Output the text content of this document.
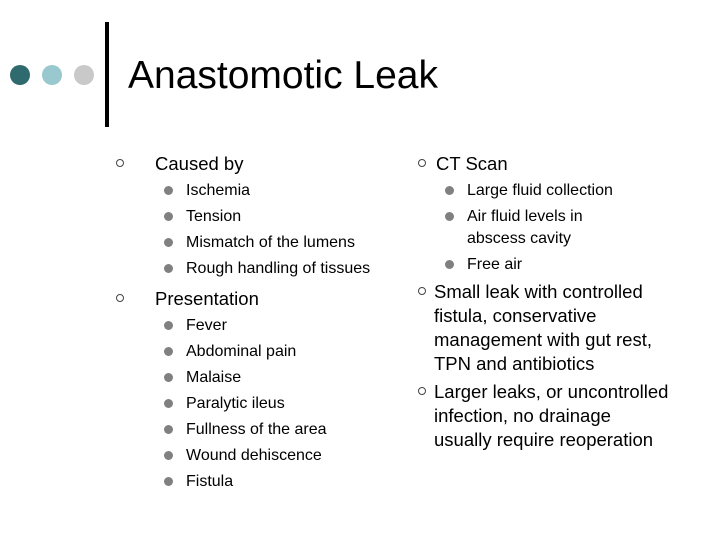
Anastomotic Leak
Caused by
Ischemia
Tension
Mismatch of the lumens
Rough handling of tissues
Presentation
Fever
Abdominal pain
Malaise
Paralytic ileus
Fullness of the area
Wound dehiscence
Fistula
CT Scan
Large fluid collection
Air fluid levels in abscess cavity
Free air
Small leak with controlled fistula, conservative management with gut rest, TPN and antibiotics
Larger leaks, or uncontrolled infection, no drainage usually require reoperation
